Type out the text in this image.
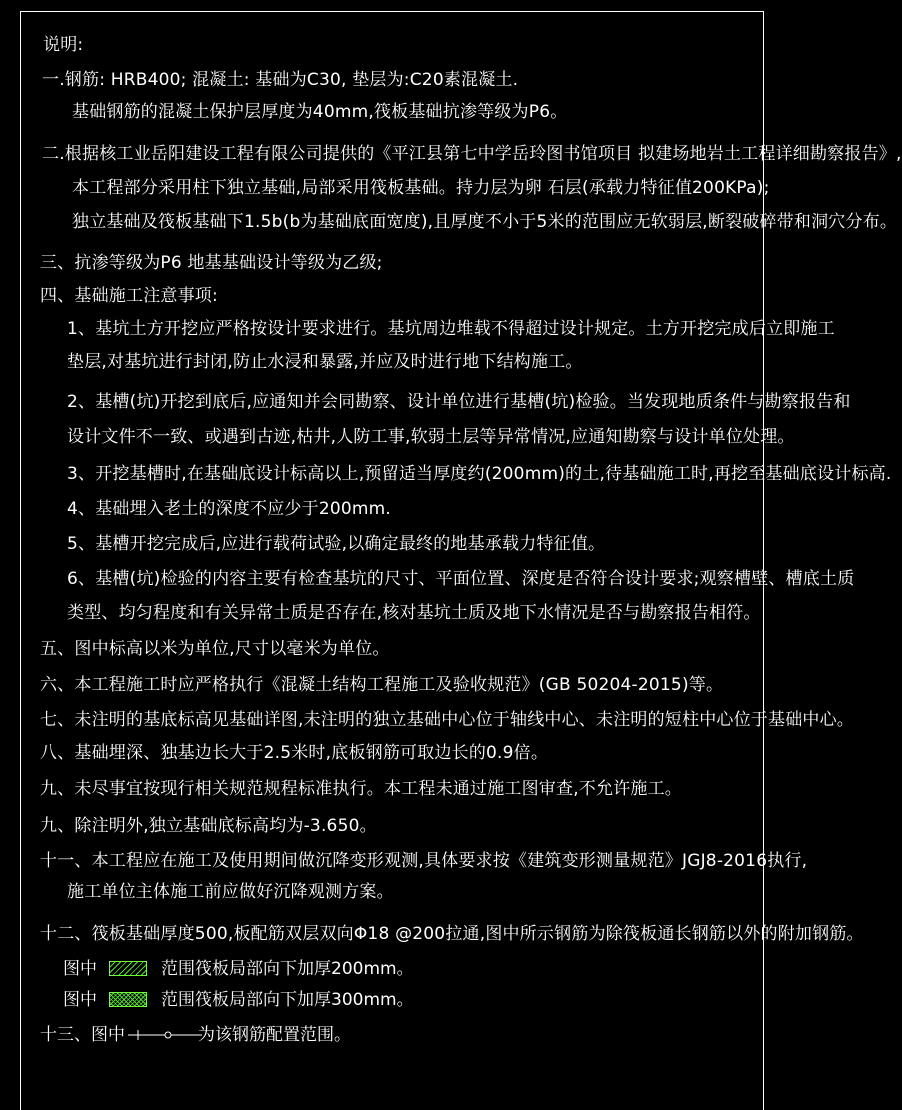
说明:
一.钢筋: HRB400; 混凝土: 基础为C30, 垫层为:C20素混凝土.
基础钢筋的混凝土保护层厚度为40mm,筏板基础抗渗等级为P6。
二.根据核工业岳阳建设工程有限公司提供的《平江县第七中学岳玲图书馆项目 拟建场地岩土工程详细勘察报告》,
本工程部分采用柱下独立基础,局部采用筏板基础。持力层为卵 石层(承载力特征值200KPa);
独立基础及筏板基础下1.5b(b为基础底面宽度),且厚度不小于5米的范围应无软弱层,断裂破碎带和洞穴分布。
三、抗渗等级为P6 地基基础设计等级为乙级;
四、基础施工注意事项:
1、基坑土方开挖应严格按设计要求进行。基坑周边堆载不得超过设计规定。土方开挖完成后立即施工
垫层,对基坑进行封闭,防止水浸和暴露,并应及时进行地下结构施工。
2、基槽(坑)开挖到底后,应通知并会同勘察、设计单位进行基槽(坑)检验。当发现地质条件与勘察报告和
设计文件不一致、或遇到古迹,枯井,人防工事,软弱土层等异常情况,应通知勘察与设计单位处理。
3、开挖基槽时,在基础底设计标高以上,预留适当厚度约(200mm)的土,待基础施工时,再挖至基础底设计标高.
4、基础埋入老土的深度不应少于200mm.
5、基槽开挖完成后,应进行载荷试验,以确定最终的地基承载力特征值。
6、基槽(坑)检验的内容主要有检查基坑的尺寸、平面位置、深度是否符合设计要求;观察槽壁、槽底土质
类型、均匀程度和有关异常土质是否存在,核对基坑土质及地下水情况是否与勘察报告相符。
五、图中标高以米为单位,尺寸以毫米为单位。
六、本工程施工时应严格执行《混凝土结构工程施工及验收规范》(GB 50204-2015)等。
七、未注明的基底标高见基础详图,未注明的独立基础中心位于轴线中心、未注明的短柱中心位于基础中心。
八、基础埋深、独基边长大于2.5米时,底板钢筋可取边长的0.9倍。
九、未尽事宜按现行相关规范规程标准执行。本工程未通过施工图审查,不允许施工。
九、除注明外,独立基础底标高均为-3.650。
十一、本工程应在施工及使用期间做沉降变形观测,具体要求按《建筑变形测量规范》JGJ8-2016执行,
施工单位主体施工前应做好沉降观测方案。
十二、筏板基础厚度500,板配筋双层双向Φ18 @200拉通,图中所示钢筋为除筏板通长钢筋以外的附加钢筋。
图中	范围筏板局部向下加厚200mm。
图中	范围筏板局部向下加厚300mm。
十三、图中	为该钢筋配置范围。
